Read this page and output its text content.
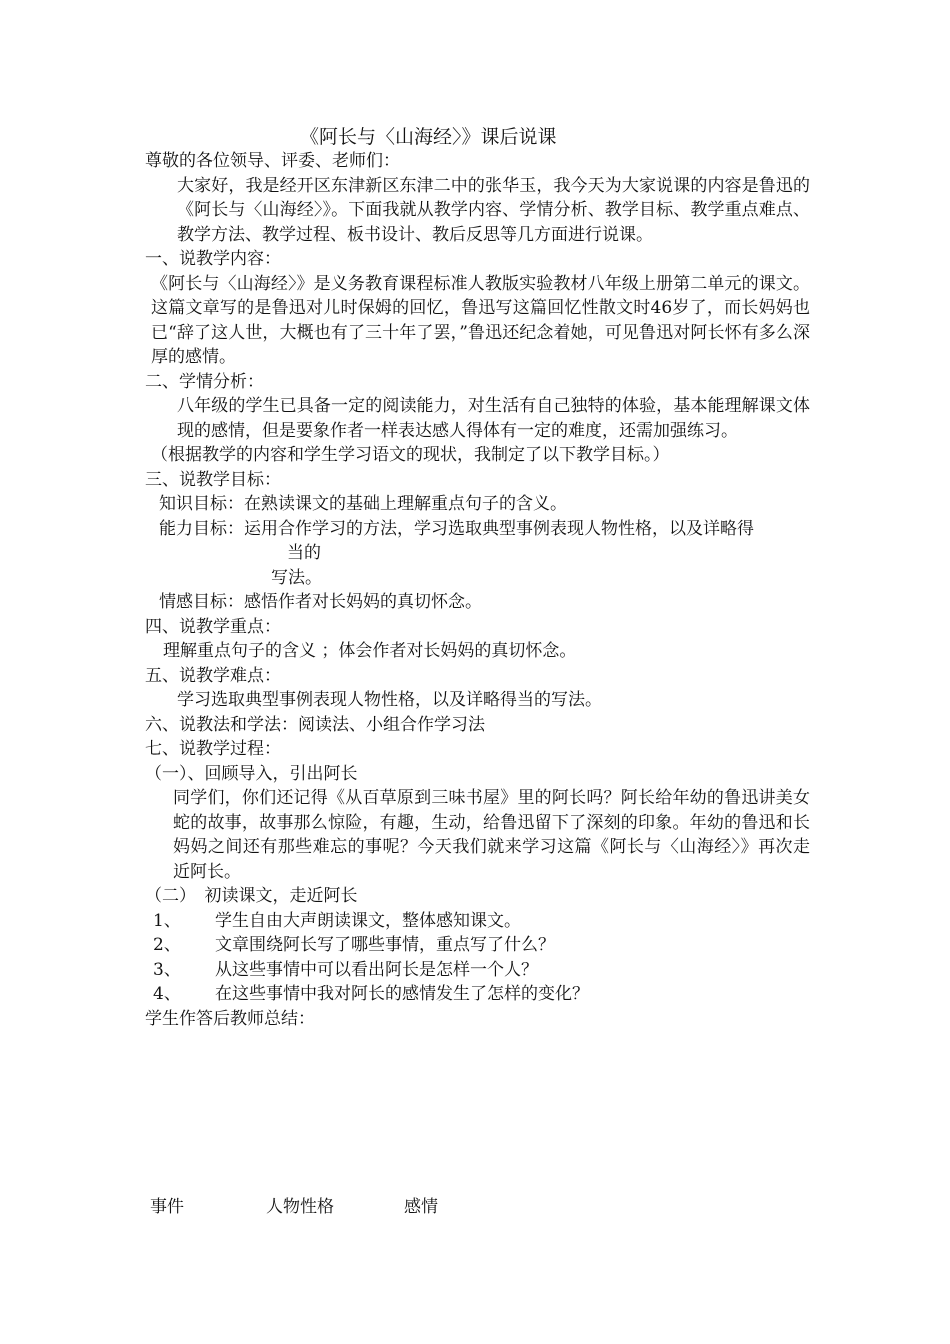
《阿长与〈山海经〉》课后说课
尊敬的各位领导、评委、老师们：
大家好，我是经开区东津新区东津二中的张华玉，我今天为大家说课的内容是鲁迅的《阿长与〈山海经〉》。下面我就从教学内容、学情分析、教学目标、教学重点难点、教学方法、教学过程、板书设计、教后反思等几方面进行说课。
一、说教学内容：
《阿长与〈山海经〉》是义务教育课程标准人教版实验教材八年级上册第二单元的课文。这篇文章写的是鲁迅对儿时保姆的回忆，鲁迅写这篇回忆性散文时46岁了，而长妈妈也已“辞了这人世，大概也有了三十年了罢，”鲁迅还纪念着她，可见鲁迅对阿长怀有多么深厚的感情。
二、学情分析：
八年级的学生已具备一定的阅读能力，对生活有自己独特的体验，基本能理解课文体现的感情，但是要象作者一样表达感人得体有一定的难度，还需加强练习。
（根据教学的内容和学生学习语文的现状，我制定了以下教学目标。）
三、说教学目标：
知识目标：在熟读课文的基础上理解重点句子的含义。
能力目标： 运用合作学习的方法，学习选取典型事例表现人物性格，以及详略得
当的
写法。
情感目标：感悟作者对长妈妈的真切怀念。
四、说教学重点：
理解重点句子的含义 ；体会作者对长妈妈的真切怀念。
五、说教学难点：
学习选取典型事例表现人物性格，以及详略得当的写法。
六、说教法和学法：阅读法、小组合作学习法
七、说教学过程：
（一）、回顾导入，引出阿长
同学们，你们还记得《从百草原到三味书屋》里的阿长吗？阿长给年幼的鲁迅讲美女蛇的故事，故事那么惊险，有趣，生动，给鲁迅留下了深刻的印象。年幼的鲁迅和长妈妈之间还有那些难忘的事呢？今天我们就来学习这篇《阿长与〈山海经〉》再次走近阿长。
（二）　初读课文，走近阿长
1、	学生自由大声朗读课文，整体感知课文。
2、	文章围绕阿长写了哪些事情，重点写了什么？
3、	从这些事情中可以看出阿长是怎样一个人？
4、	在这些事情中我对阿长的感情发生了怎样的变化？
学生作答后教师总结：
事件	人物性格	感情
